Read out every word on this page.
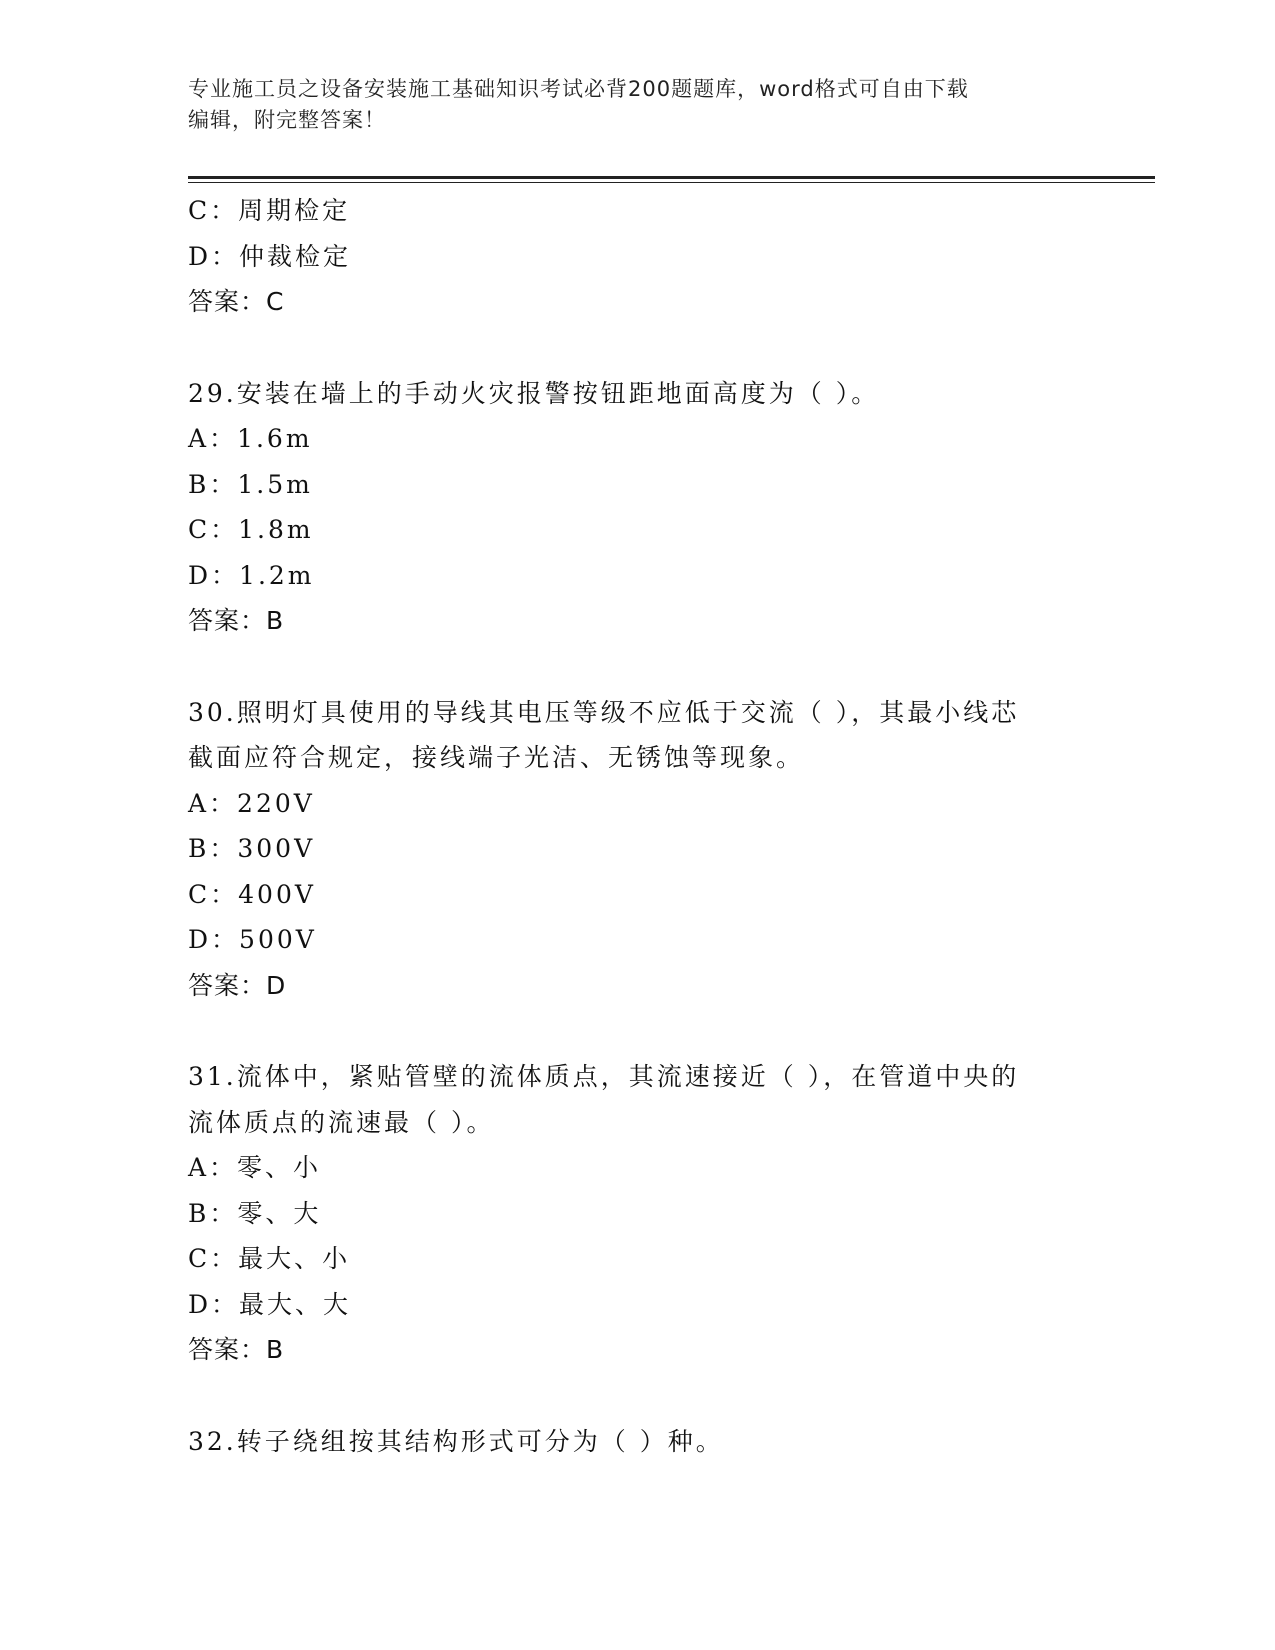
专业施工员之设备安装施工基础知识考试必背200题题库，word格式可自由下载
编辑，附完整答案！
C：周期检定
D：仲裁检定
答案：C
29.安装在墙上的手动火灾报警按钮距地面高度为（ ）。
A：1.6m
B：1.5m
C：1.8m
D：1.2m
答案：B
30.照明灯具使用的导线其电压等级不应低于交流（ ），其最小线芯
截面应符合规定，接线端子光洁、无锈蚀等现象。
A：220V
B：300V
C：400V
D：500V
答案：D
31.流体中，紧贴管壁的流体质点，其流速接近（ ），在管道中央的
流体质点的流速最（ ）。
A：零、小
B：零、大
C：最大、小
D：最大、大
答案：B
32.转子绕组按其结构形式可分为（ ）种。
